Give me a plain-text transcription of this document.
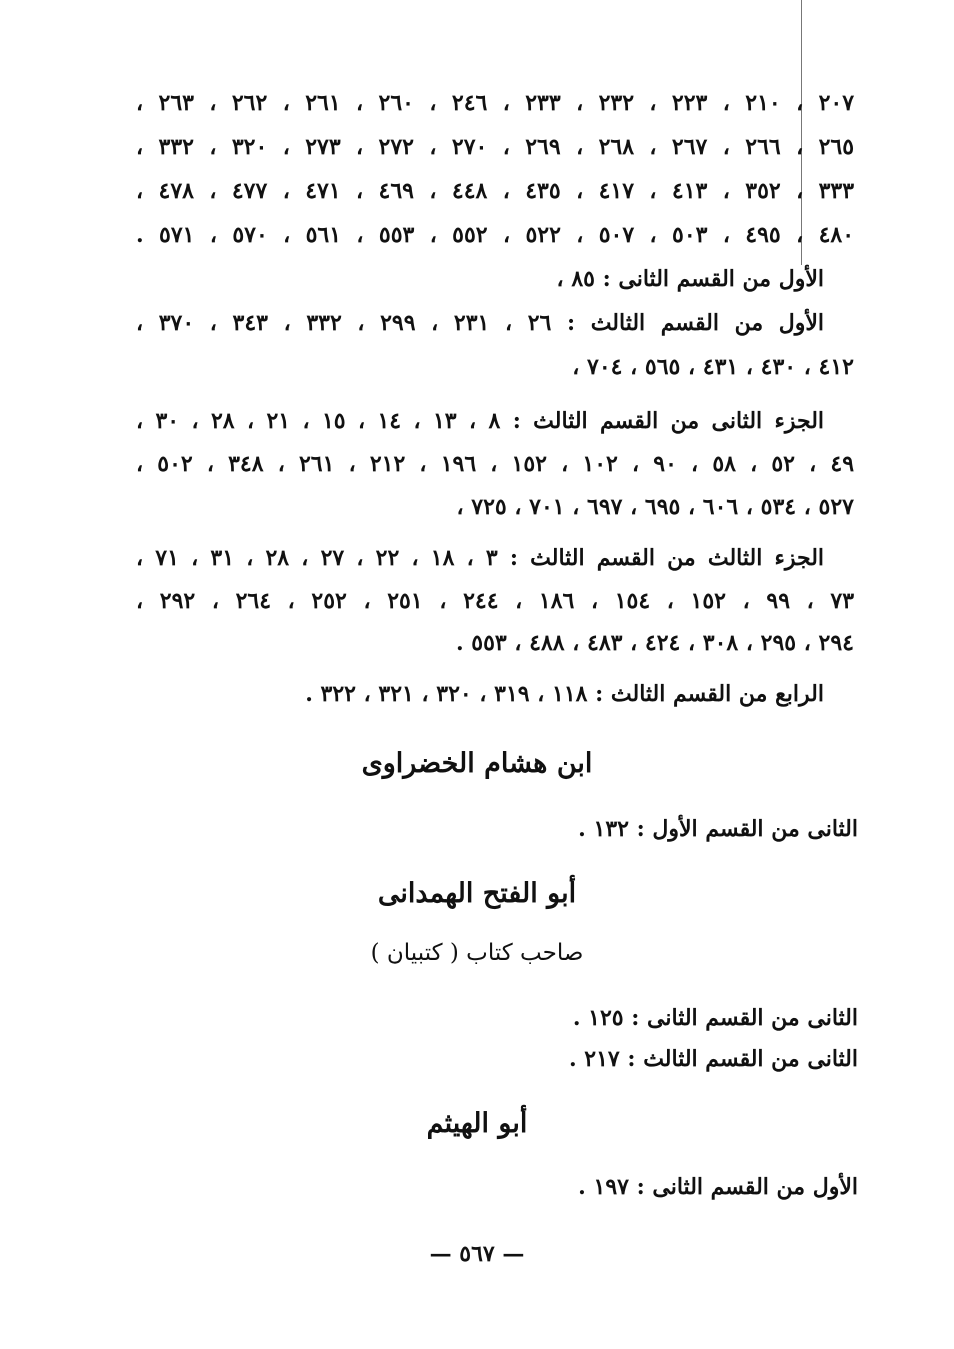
٢٠٧ ، ٢١٠ ، ٢٢٣ ، ٢٣٢ ، ٢٣٣ ، ٢٤٦ ، ٢٦٠ ، ٢٦١ ، ٢٦٢ ، ٢٦٣ ،
٢٦٥ ، ٢٦٦ ، ٢٦٧ ، ٢٦٨ ، ٢٦٩ ، ٢٧٠ ، ٢٧٢ ، ٢٧٣ ، ٣٢٠ ، ٣٣٢ ،
٣٣٣ ، ٣٥٢ ، ٤١٣ ، ٤١٧ ، ٤٣٥ ، ٤٤٨ ، ٤٦٩ ، ٤٧١ ، ٤٧٧ ، ٤٧٨ ،
٤٨٠ ، ٤٩٥ ، ٥٠٣ ، ٥٠٧ ، ٥٢٢ ، ٥٥٢ ، ٥٥٣ ، ٥٦١ ، ٥٧٠ ، ٥٧١ .
الأول من القسم الثانى : ٨٥ ،
الأول من القسم الثالث : ٢٦ ، ٢٣١ ، ٢٩٩ ، ٣٣٢ ، ٣٤٣ ، ٣٧٠ ،
٤١٢ ، ٤٣٠ ، ٤٣١ ، ٥٦٥ ، ٧٠٤ ،
الجزء الثانى من القسم الثالث : ٨ ، ١٣ ، ١٤ ، ١٥ ، ٢١ ، ٢٨ ، ٣٠ ،
٤٩ ، ٥٢ ، ٥٨ ، ٩٠ ، ١٠٢ ، ١٥٢ ، ١٩٦ ، ٢١٢ ، ٢٦١ ، ٣٤٨ ، ٥٠٢ ،
٥٢٧ ، ٥٣٤ ، ٦٠٦ ، ٦٩٥ ، ٦٩٧ ، ٧٠١ ، ٧٢٥ ،
الجزء الثالث من القسم الثالث : ٣ ، ١٨ ، ٢٢ ، ٢٧ ، ٢٨ ، ٣١ ، ٧١ ،
٧٣ ، ٩٩ ، ١٥٢ ، ١٥٤ ، ١٨٦ ، ٢٤٤ ، ٢٥١ ، ٢٥٢ ، ٢٦٤ ، ٢٩٢ ،
٢٩٤ ، ٢٩٥ ، ٣٠٨ ، ٤٢٤ ، ٤٨٣ ، ٤٨٨ ، ٥٥٣ .
الرابع من القسم الثالث : ١١٨ ، ٣١٩ ، ٣٢٠ ، ٣٢١ ، ٣٢٢ .
ابن هشام الخضراوى
الثانى من القسم الأول : ١٣٢ .
أبو الفتح الهمدانى
صاحب كتاب ( كتبيان )
الثانى من القسم الثانى : ١٢٥ .
الثانى من القسم الثالث : ٢١٧ .
أبو الهيثم
الأول من القسم الثانى : ١٩٧ .
— ٥٦٧ —
